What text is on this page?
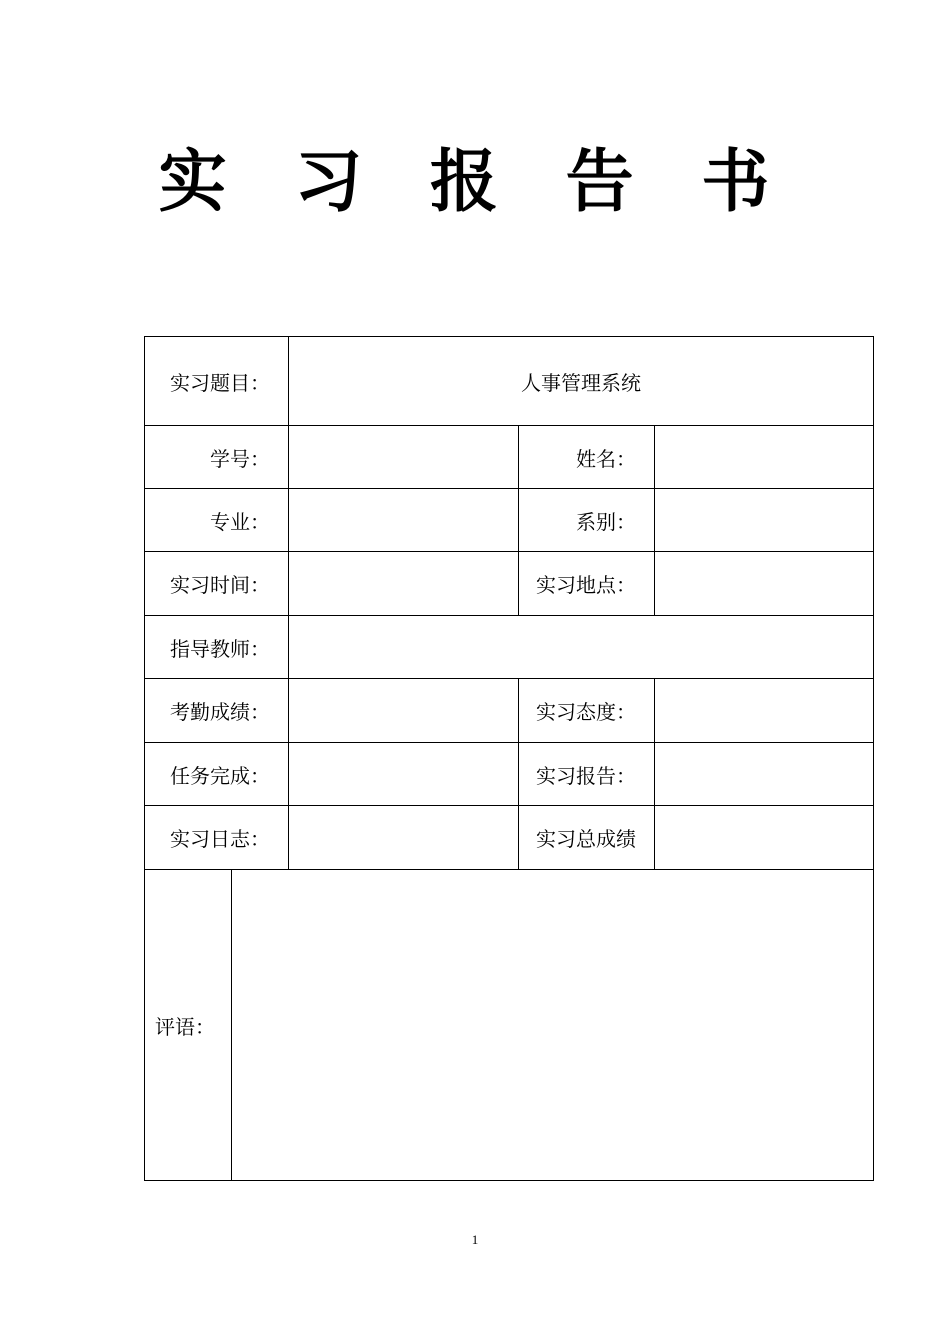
实 习 报 告 书
实习题目：		人事管理系统		
学号：			姓名：	
专业：			系别：	
实习时间：			实习地点：	
指导教师：				
考勤成绩：			实习态度：	
任务完成：			实习报告：	
实习日志：			实习总成绩	
评语：				
1
